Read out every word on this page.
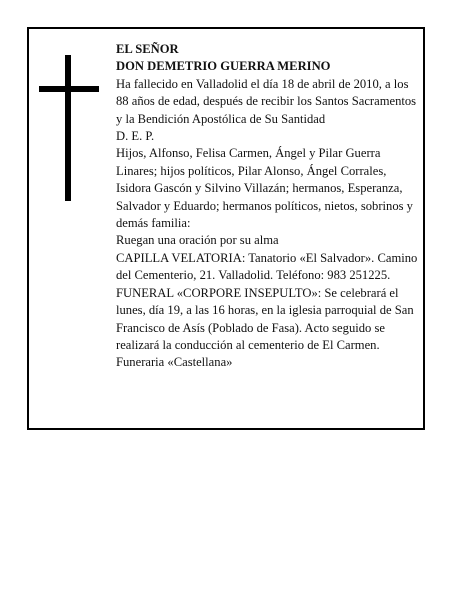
EL SEÑOR

DON DEMETRIO GUERRA MERINO

Ha fallecido en Valladolid el día 18 de abril de 2010, a los 88 años de edad, después de recibir los Santos Sacramentos y la Bendición Apostólica de Su Santidad

D. E. P.

Hijos, Alfonso, Felisa Carmen, Ángel y Pilar Guerra Linares; hijos políticos, Pilar Alonso, Ángel Corrales, Isidora Gascón y Silvino Villazán; hermanos, Esperanza, Salvador y Eduardo; hermanos políticos, nietos, sobrinos y demás familia:

Ruegan una oración por su alma

CAPILLA VELATORIA: Tanatorio «El Salvador». Camino del Cementerio, 21. Valladolid. Teléfono: 983 251225.

FUNERAL «CORPORE INSEPULTO»: Se celebrará el lunes, día 19, a las 16 horas, en la iglesia parroquial de San Francisco de Asís (Poblado de Fasa). Acto seguido se realizará la conducción al cementerio de El Carmen.

Funeraria «Castellana»
